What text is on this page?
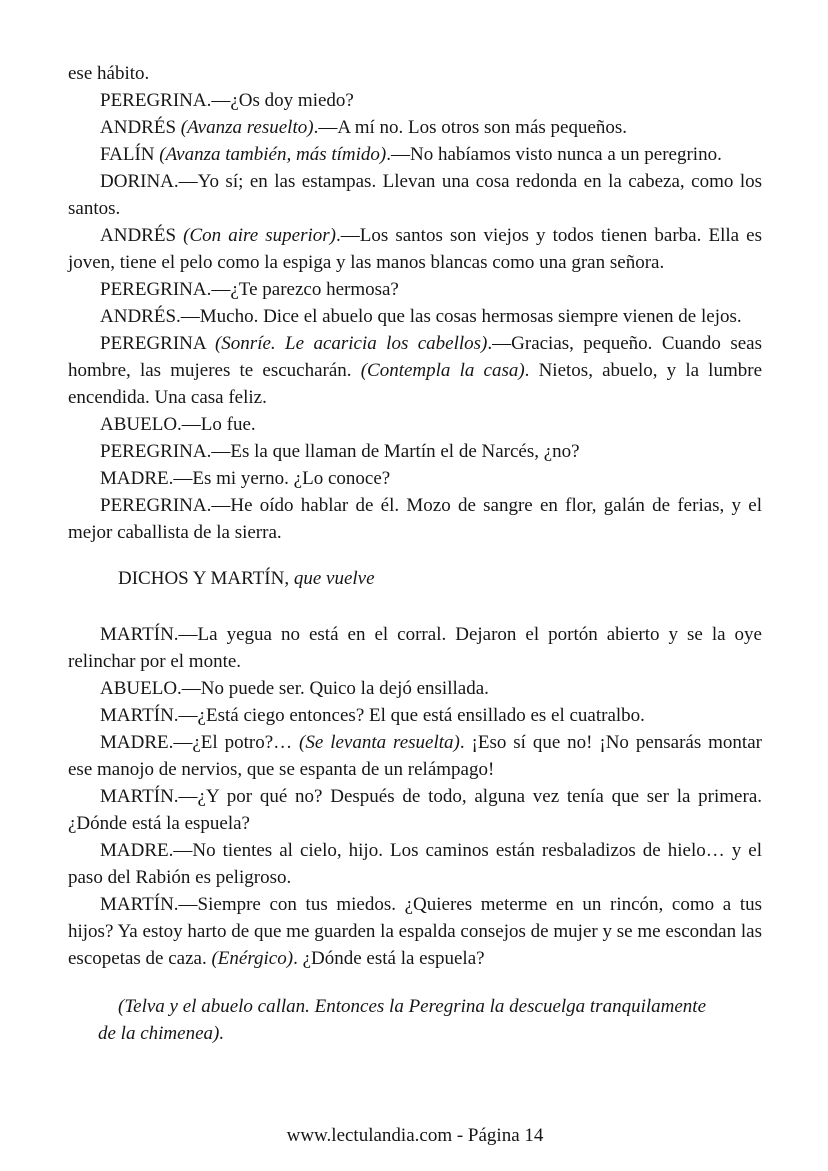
ese hábito.

PEREGRINA.—¿Os doy miedo?

ANDRÉS (Avanza resuelto).—A mí no. Los otros son más pequeños.

FALÍN (Avanza también, más tímido).—No habíamos visto nunca a un peregrino.

DORINA.—Yo sí; en las estampas. Llevan una cosa redonda en la cabeza, como los santos.

ANDRÉS (Con aire superior).—Los santos son viejos y todos tienen barba. Ella es joven, tiene el pelo como la espiga y las manos blancas como una gran señora.

PEREGRINA.—¿Te parezco hermosa?

ANDRÉS.—Mucho. Dice el abuelo que las cosas hermosas siempre vienen de lejos.

PEREGRINA (Sonríe. Le acaricia los cabellos).—Gracias, pequeño. Cuando seas hombre, las mujeres te escucharán. (Contempla la casa). Nietos, abuelo, y la lumbre encendida. Una casa feliz.

ABUELO.—Lo fue.

PEREGRINA.—Es la que llaman de Martín el de Narcés, ¿no?

MADRE.—Es mi yerno. ¿Lo conoce?

PEREGRINA.—He oído hablar de él. Mozo de sangre en flor, galán de ferias, y el mejor caballista de la sierra.

DICHOS Y MARTÍN, que vuelve

MARTÍN.—La yegua no está en el corral. Dejaron el portón abierto y se la oye relinchar por el monte.

ABUELO.—No puede ser. Quico la dejó ensillada.

MARTÍN.—¿Está ciego entonces? El que está ensillado es el cuatralbo.

MADRE.—¿El potro?… (Se levanta resuelta). ¡Eso sí que no! ¡No pensarás montar ese manojo de nervios, que se espanta de un relámpago!

MARTÍN.—¿Y por qué no? Después de todo, alguna vez tenía que ser la primera. ¿Dónde está la espuela?

MADRE.—No tientes al cielo, hijo. Los caminos están resbaladizos de hielo… y el paso del Rabión es peligroso.

MARTÍN.—Siempre con tus miedos. ¿Quieres meterme en un rincón, como a tus hijos? Ya estoy harto de que me guarden la espalda consejos de mujer y se me escondan las escopetas de caza. (Enérgico). ¿Dónde está la espuela?

(Telva y el abuelo callan. Entonces la Peregrina la descuelga tranquilamente de la chimenea).

www.lectulandia.com - Página 14
